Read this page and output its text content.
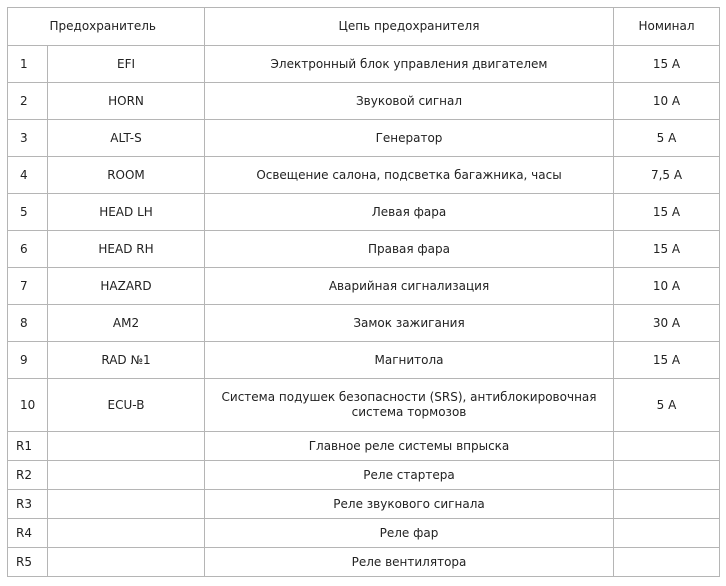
Предохранитель		Цепь предохранителя	Номинал
1	EFI	Электронный блок управления двигателем	15 А
2	HORN	Звуковой сигнал	10 А
3	ALT-S	Генератор	5 А
4	ROOM	Освещение салона, подсветка багажника, часы	7,5 А
5	HEAD LH	Левая фара	15 А
6	HEAD RH	Правая фара	15 А
7	HAZARD	Аварийная сигнализация	10 А
8	AM2	Замок зажигания	30 А
9	RAD №1	Магнитола	15 А
10	ECU-B	Система подушек безопасности (SRS), антиблокировочная система тормозов	5 А
R1		Главное реле системы впрыска	
R2		Реле стартера	
R3		Реле звукового сигнала	
R4		Реле фар	
R5		Реле вентилятора	
